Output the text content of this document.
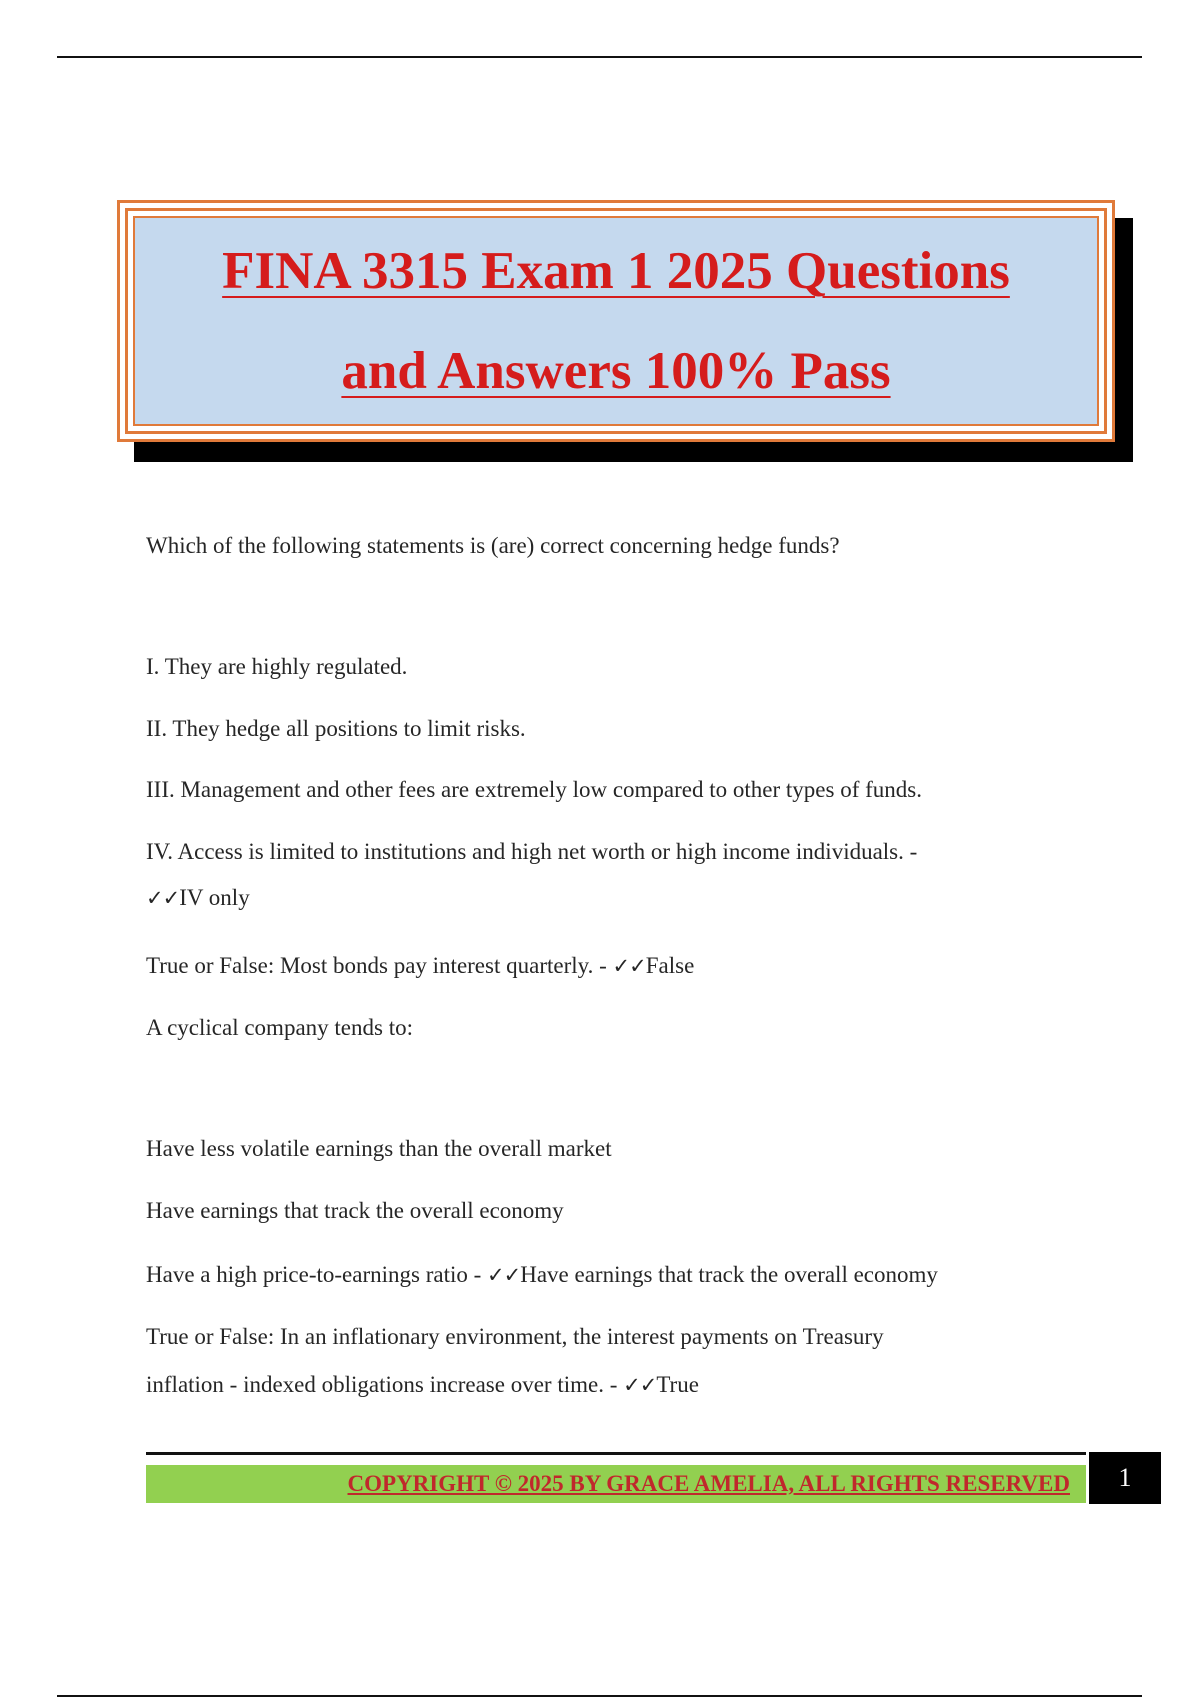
FINA 3315 Exam 1 2025 Questions
and Answers 100% Pass
Which of the following statements is (are) correct concerning hedge funds?
I. They are highly regulated.
II. They hedge all positions to limit risks.
III. Management and other fees are extremely low compared to other types of funds.
IV. Access is limited to institutions and high net worth or high income individuals. -
✓✓IV only
True or False: Most bonds pay interest quarterly. - ✓✓False
A cyclical company tends to:
Have less volatile earnings than the overall market
Have earnings that track the overall economy
Have a high price-to-earnings ratio - ✓✓Have earnings that track the overall economy
True or False: In an inflationary environment, the interest payments on Treasury
inflation - indexed obligations increase over time. - ✓✓True
COPYRIGHT © 2025 BY GRACE AMELIA, ALL RIGHTS RESERVED	1
